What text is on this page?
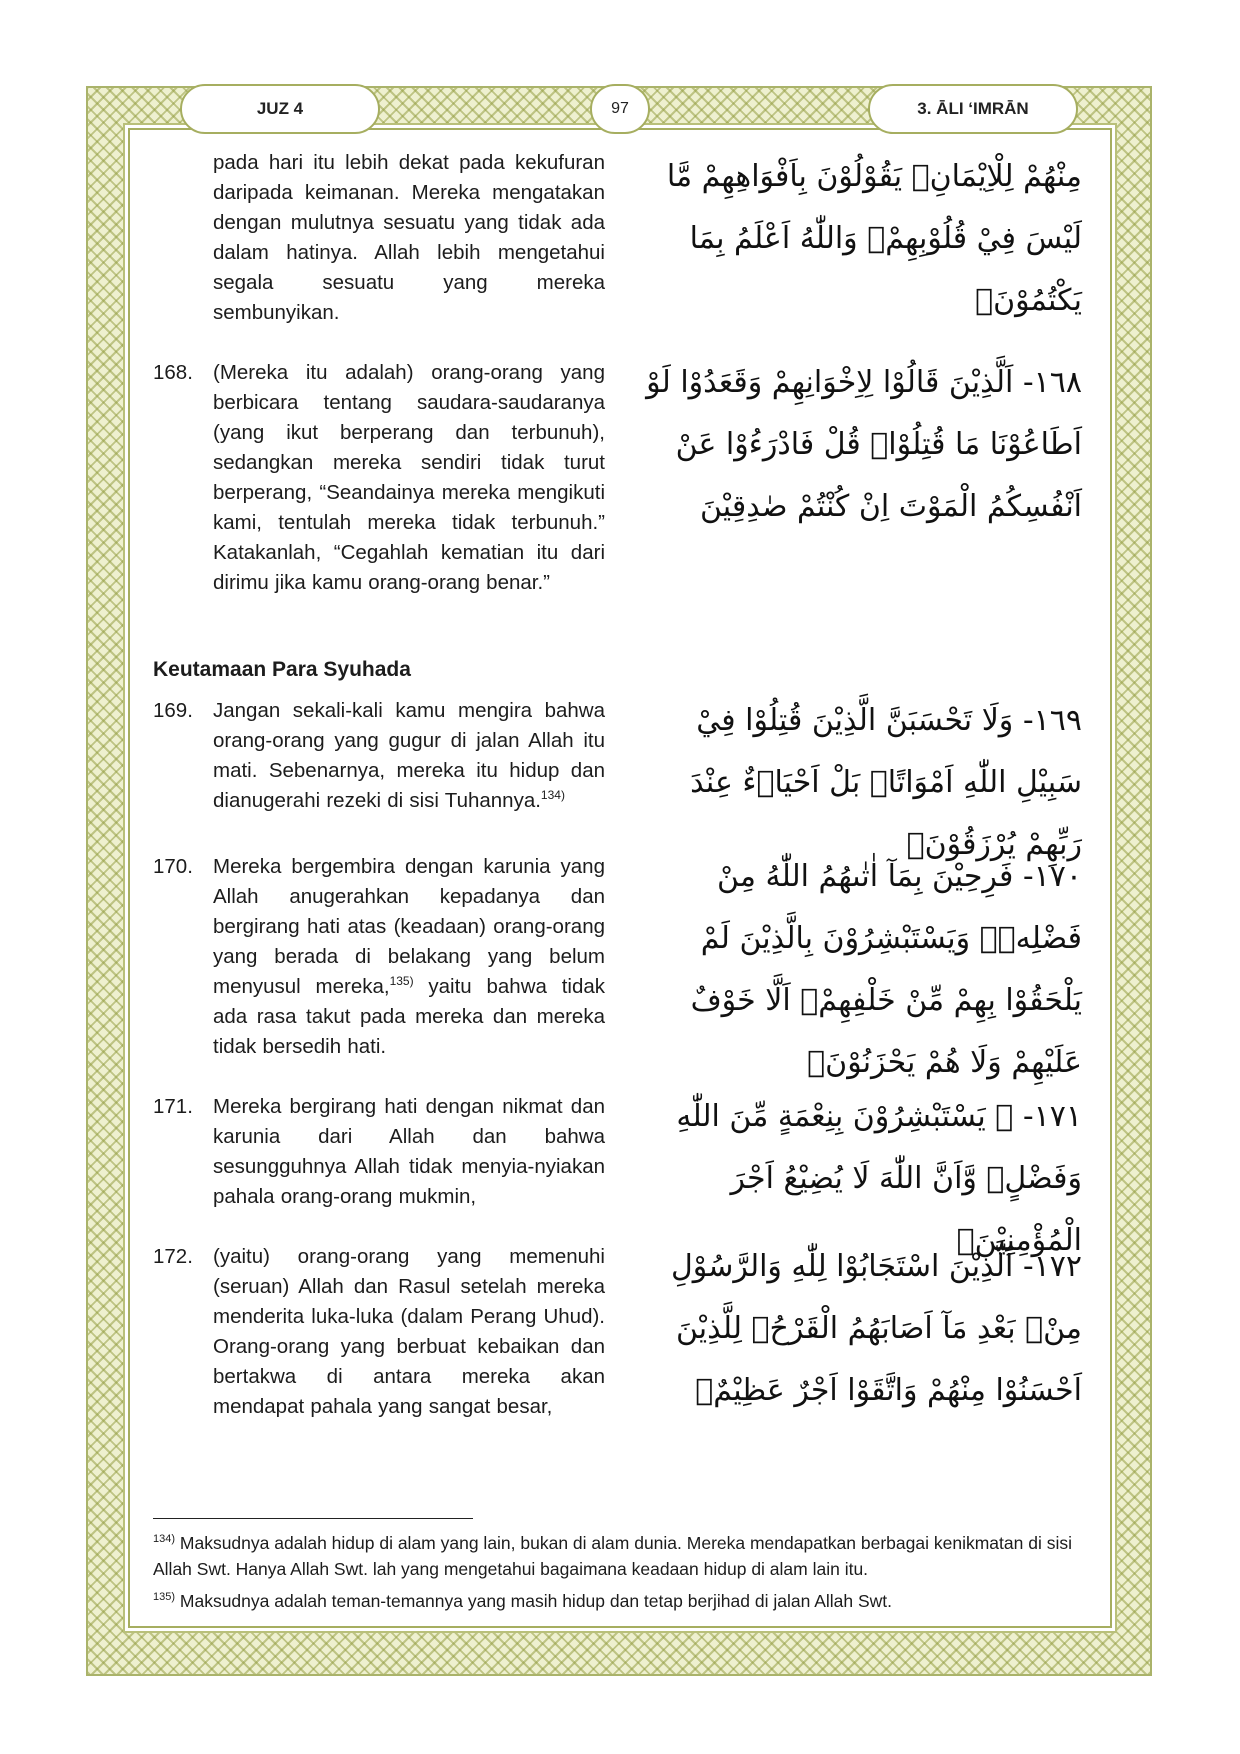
JUZ 4	97	3. ĀLI ‘IMRĀN
pada hari itu lebih dekat pada kekufuran daripada keimanan. Mereka mengatakan dengan mulutnya sesuatu yang tidak ada dalam hatinya. Allah lebih mengetahui segala sesuatu yang mereka sembunyikan.
مِنْهُمْ لِلْاِيْمَانِۚ يَقُوْلُوْنَ بِاَفْوَاهِهِمْ مَّا لَيْسَ فِيْ قُلُوْبِهِمْۗ وَاللّٰهُ اَعْلَمُ بِمَا يَكْتُمُوْنَۚ
168. (Mereka itu adalah) orang-orang yang berbicara tentang saudara-saudaranya (yang ikut berperang dan terbunuh), sedangkan mereka sendiri tidak turut berperang, “Seandainya mereka mengikuti kami, tentulah mereka tidak terbunuh.” Katakanlah, “Cegahlah kematian itu dari dirimu jika kamu orang-orang benar.”
١٦٨- اَلَّذِيْنَ قَالُوْا لِاِخْوَانِهِمْ وَقَعَدُوْا لَوْ اَطَاعُوْنَا مَا قُتِلُوْاۗ قُلْ فَادْرَءُوْا عَنْ اَنْفُسِكُمُ الْمَوْتَ اِنْ كُنْتُمْ صٰدِقِيْنَ
Keutamaan Para Syuhada
169. Jangan sekali-kali kamu mengira bahwa orang-orang yang gugur di jalan Allah itu mati. Sebenarnya, mereka itu hidup dan dianugerahi rezeki di sisi Tuhannya.$^{134)}$
١٦٩- وَلَا تَحْسَبَنَّ الَّذِيْنَ قُتِلُوْا فِيْ سَبِيْلِ اللّٰهِ اَمْوَاتًاۗ بَلْ اَحْيَاۤءٌ عِنْدَ رَبِّهِمْ يُرْزَقُوْنَۙ
170. Mereka bergembira dengan karunia yang Allah anugerahkan kepadanya dan bergirang hati atas (keadaan) orang-orang yang berada di belakang yang belum menyusul mereka,$^{135)}$ yaitu bahwa tidak ada rasa takut pada mereka dan mereka tidak bersedih hati.
١٧٠- فَرِحِيْنَ بِمَآ اٰتٰىهُمُ اللّٰهُ مِنْ فَضْلِهٖۙ وَيَسْتَبْشِرُوْنَ بِالَّذِيْنَ لَمْ يَلْحَقُوْا بِهِمْ مِّنْ خَلْفِهِمْۙ اَلَّا خَوْفٌ عَلَيْهِمْ وَلَا هُمْ يَحْزَنُوْنَۘ
171. Mereka bergirang hati dengan nikmat dan karunia dari Allah dan bahwa sesungguhnya Allah tidak menyia-nyiakan pahala orang-orang mukmin,
١٧١- ۞ يَسْتَبْشِرُوْنَ بِنِعْمَةٍ مِّنَ اللّٰهِ وَفَضْلٍۗ وَّاَنَّ اللّٰهَ لَا يُضِيْعُ اَجْرَ الْمُؤْمِنِيْنَۛ
172. (yaitu) orang-orang yang memenuhi (seruan) Allah dan Rasul setelah mereka menderita luka-luka (dalam Perang Uhud). Orang-orang yang berbuat kebaikan dan bertakwa di antara mereka akan mendapat pahala yang sangat besar,
١٧٢- اَلَّذِيْنَ اسْتَجَابُوْا لِلّٰهِ وَالرَّسُوْلِ مِنْۢ بَعْدِ مَآ اَصَابَهُمُ الْقَرْحُۛ لِلَّذِيْنَ اَحْسَنُوْا مِنْهُمْ وَاتَّقَوْا اَجْرٌ عَظِيْمٌۚ
$^{134)}$ Maksudnya adalah hidup di alam yang lain, bukan di alam dunia. Mereka mendapatkan berbagai kenikmatan di sisi Allah Swt. Hanya Allah Swt. lah yang mengetahui bagaimana keadaan hidup di alam lain itu.
$^{135)}$ Maksudnya adalah teman-temannya yang masih hidup dan tetap berjihad di jalan Allah Swt.
